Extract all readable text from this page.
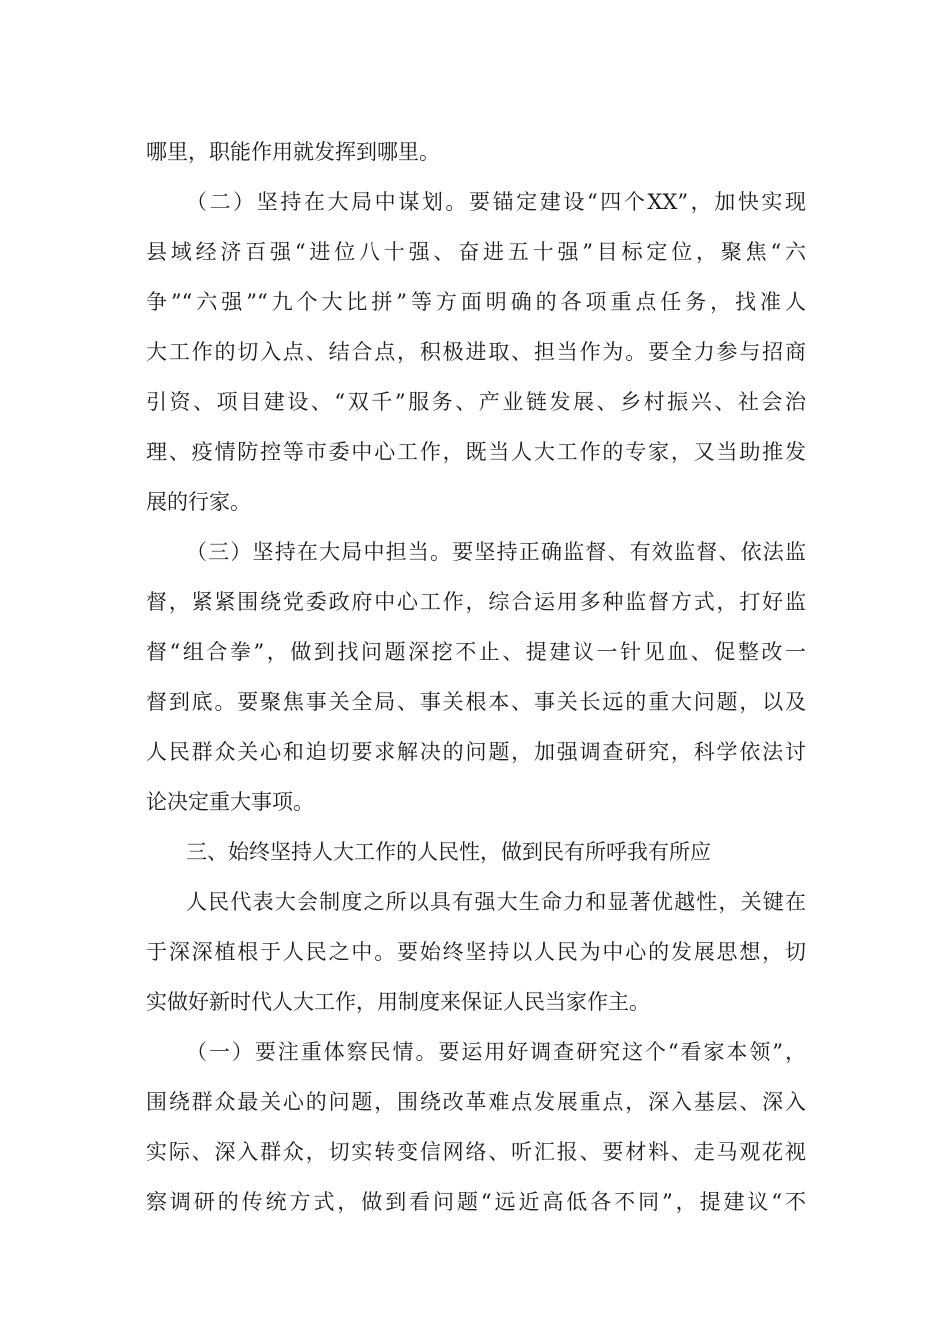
哪里，职能作用就发挥到哪里。
（二）坚持在大局中谋划。要锚定建设“四个XX”，加快实现
县域经济百强“进位八十强、奋进五十强”目标定位，聚焦“六
争”“六强”“九个大比拼”等方面明确的各项重点任务，找准人
大工作的切入点、结合点，积极进取、担当作为。要全力参与招商
引资、项目建设、“双千”服务、产业链发展、乡村振兴、社会治
理、疫情防控等市委中心工作，既当人大工作的专家，又当助推发
展的行家。
（三）坚持在大局中担当。要坚持正确监督、有效监督、依法监
督，紧紧围绕党委政府中心工作，综合运用多种监督方式，打好监
督“组合拳”，做到找问题深挖不止、提建议一针见血、促整改一
督到底。要聚焦事关全局、事关根本、事关长远的重大问题，以及
人民群众关心和迫切要求解决的问题，加强调查研究，科学依法讨
论决定重大事项。
三、始终坚持人大工作的人民性，做到民有所呼我有所应
人民代表大会制度之所以具有强大生命力和显著优越性，关键在
于深深植根于人民之中。要始终坚持以人民为中心的发展思想，切
实做好新时代人大工作，用制度来保证人民当家作主。
（一）要注重体察民情。要运用好调查研究这个“看家本领”，
围绕群众最关心的问题，围绕改革难点发展重点，深入基层、深入
实际、深入群众，切实转变信网络、听汇报、要材料、走马观花视
察调研的传统方式，做到看问题“远近高低各不同”，提建议“不
